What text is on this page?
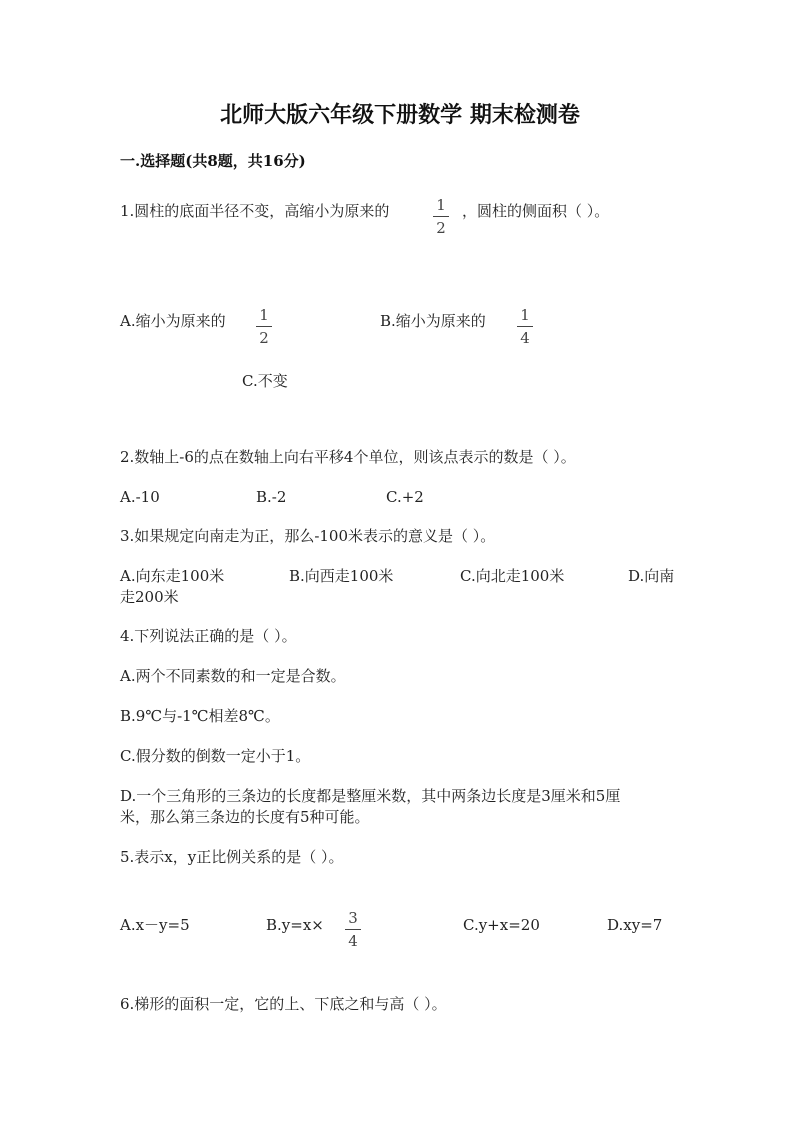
北师大版六年级下册数学 期末检测卷
一.选择题(共8题，共16分)
1.圆柱的底面半径不变，高缩小为原来的	1
2
，圆柱的侧面积（ ）。
A.缩小为原来的 1
2
B.缩小为原来的 1
4
C.不变
2.数轴上-6的点在数轴上向右平移4个单位，则该点表示的数是（ ）。
A.-10	B.-2	C.+2
3.如果规定向南走为正，那么-100米表示的意义是（ ）。
A.向东走100米	B.向西走100米	C.向北走100米	D.向南
走200米
4.下列说法正确的是（ ）。
A.两个不同素数的和一定是合数。
B.9℃与-1℃相差8℃。
C.假分数的倒数一定小于1。
D.一个三角形的三条边的长度都是整厘米数，其中两条边长度是3厘米和5厘
米，那么第三条边的长度有5种可能。
5.表示x，y正比例关系的是（ ）。
A.x－y=5	B.y=x× 3
4
C.y+x=20	D.xy=7
6.梯形的面积一定，它的上、下底之和与高（ ）。
